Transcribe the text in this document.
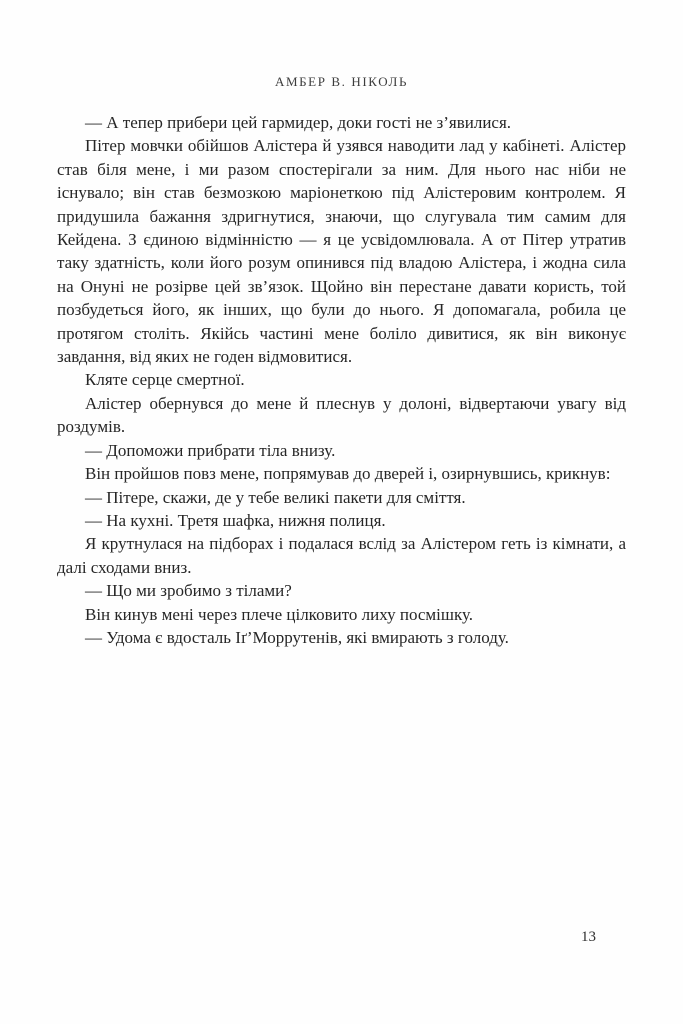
АМБЕР В. НІКОЛЬ

— А тепер прибери цей гармидер, доки гості не з’явилися.

Пітер мовчки обійшов Алістера й узявся наводити лад у кабінеті. Алістер став біля мене, і ми разом спостерігали за ним. Для нього нас ніби не існувало; він став безмозкою маріонеткою під Алістеровим контролем. Я придушила бажання здригнутися, знаючи, що слугувала тим самим для Кейдена. З єдиною відмінністю — я це усвідомлювала. А от Пітер утратив таку здатність, коли його розум опинився під владою Алістера, і жодна сила на Онуні не розірве цей зв’язок. Щойно він перестане давати користь, той позбудеться його, як інших, що були до нього. Я допомагала, робила це протягом століть. Якійсь частині мене боліло дивитися, як він виконує завдання, від яких не годен відмовитися.

Кляте серце смертної.

Алістер обернувся до мене й плеснув у долоні, відвертаючи увагу від роздумів.

— Допоможи прибрати тіла внизу.

Він пройшов повз мене, попрямував до дверей і, озирнувшись, крикнув:

— Пітере, скажи, де у тебе великі пакети для сміття.

— На кухні. Третя шафка, нижня полиця.

Я крутнулася на підборах і подалася вслід за Алістером геть із кімнати, а далі сходами вниз.

— Що ми зробимо з тілами?

Він кинув мені через плече цілковито лиху посмішку.

— Удома є вдосталь Іґ’Моррутенів, які вмирають з голоду.

13
